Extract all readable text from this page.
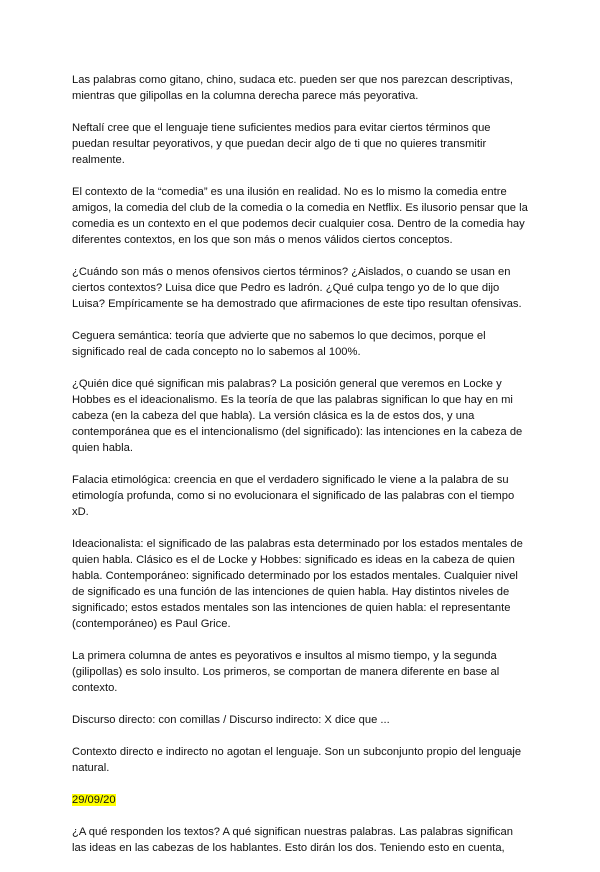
Las palabras como gitano, chino, sudaca etc. pueden ser que nos parezcan descriptivas, mientras que gilipollas en la columna derecha parece más peyorativa.

Neftalí cree que el lenguaje tiene suficientes medios para evitar ciertos términos que puedan resultar peyorativos, y que puedan decir algo de ti que no quieres transmitir realmente.

El contexto de la “comedia” es una ilusión en realidad. No es lo mismo la comedia entre amigos, la comedia del club de la comedia o la comedia en Netflix. Es ilusorio pensar que la comedia es un contexto en el que podemos decir cualquier cosa. Dentro de la comedia hay diferentes contextos, en los que son más o menos válidos ciertos conceptos.

¿Cuándo son más o menos ofensivos ciertos términos? ¿Aislados, o cuando se usan en ciertos contextos? Luisa dice que Pedro es ladrón. ¿Qué culpa tengo yo de lo que dijo Luisa? Empíricamente se ha demostrado que afirmaciones de este tipo resultan ofensivas.

Ceguera semántica: teoría que advierte que no sabemos lo que decimos, porque el significado real de cada concepto no lo sabemos al 100%.

¿Quién dice qué significan mis palabras? La posición general que veremos en Locke y Hobbes es el ideacionalismo. Es la teoría de que las palabras significan lo que hay en mi cabeza (en la cabeza del que habla). La versión clásica es la de estos dos, y una contemporánea que es el intencionalismo (del significado): las intenciones en la cabeza de quien habla.

Falacia etimológica: creencia en que el verdadero significado le viene a la palabra de su etimología profunda, como si no evolucionara el significado de las palabras con el tiempo xD.

Ideacionalista: el significado de las palabras esta determinado por los estados mentales de quien habla. Clásico es el de Locke y Hobbes: significado es ideas en la cabeza de quien habla. Contemporáneo: significado determinado por los estados mentales. Cualquier nivel de significado es una función de las intenciones de quien habla. Hay distintos niveles de significado; estos estados mentales son las intenciones de quien habla: el representante (contemporáneo) es Paul Grice.

La primera columna de antes es peyorativos e insultos al mismo tiempo, y la segunda (gilipollas) es solo insulto. Los primeros, se comportan de manera diferente en base al contexto.

Discurso directo: con comillas / Discurso indirecto: X dice que ...

Contexto directo e indirecto no agotan el lenguaje. Son un subconjunto propio del lenguaje natural.

29/09/20

¿A qué responden los textos? A qué significan nuestras palabras. Las palabras significan las ideas en las cabezas de los hablantes. Esto dirán los dos. Teniendo esto en cuenta,
